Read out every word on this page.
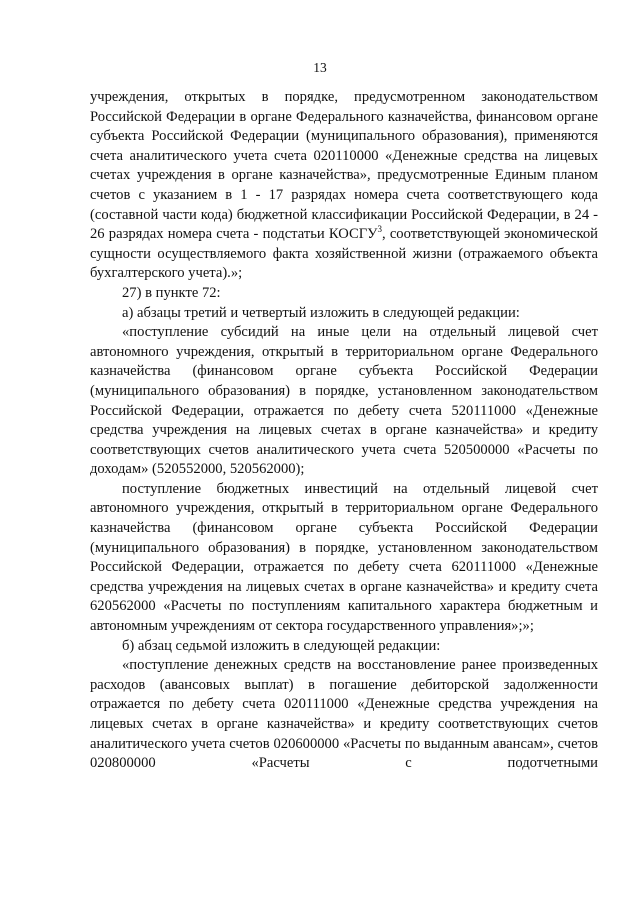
13

учреждения, открытых в порядке, предусмотренном законодательством Российской Федерации в органе Федерального казначейства, финансовом органе субъекта Российской Федерации (муниципального образования), применяются счета аналитического учета счета 020110000 «Денежные средства на лицевых счетах учреждения в органе казначейства», предусмотренные Единым планом счетов с указанием в 1 - 17 разрядах номера счета соответствующего кода (составной части кода) бюджетной классификации Российской Федерации, в 24 - 26 разрядах номера счета - подстатьи КОСГУ$^3$, соответствующей экономической сущности осуществляемого факта хозяйственной жизни (отражаемого объекта бухгалтерского учета).»;

27) в пункте 72:

а) абзацы третий и четвертый изложить в следующей редакции:

«поступление субсидий на иные цели на отдельный лицевой счет автономного учреждения, открытый в территориальном органе Федерального казначейства (финансовом органе субъекта Российской Федерации (муниципального образования) в порядке, установленном законодательством Российской Федерации, отражается по дебету счета 520111000 «Денежные средства учреждения на лицевых счетах в органе казначейства» и кредиту соответствующих счетов аналитического учета счета 520500000 «Расчеты по доходам» (520552000, 520562000);

поступление бюджетных инвестиций на отдельный лицевой счет автономного учреждения, открытый в территориальном органе Федерального казначейства (финансовом органе субъекта Российской Федерации (муниципального образования) в порядке, установленном законодательством Российской Федерации, отражается по дебету счета 620111000 «Денежные средства учреждения на лицевых счетах в органе казначейства» и кредиту счета 620562000 «Расчеты по поступлениям капитального характера бюджетным и автономным учреждениям от сектора государственного управления»;»;

б) абзац седьмой изложить в следующей редакции:

«поступление денежных средств на восстановление ранее произведенных расходов (авансовых выплат) в погашение дебиторской задолженности отражается по дебету счета 020111000 «Денежные средства учреждения на лицевых счетах в органе казначейства» и кредиту соответствующих счетов аналитического учета счетов 020600000 «Расчеты по выданным авансам», счетов 020800000 «Расчеты с подотчетными
